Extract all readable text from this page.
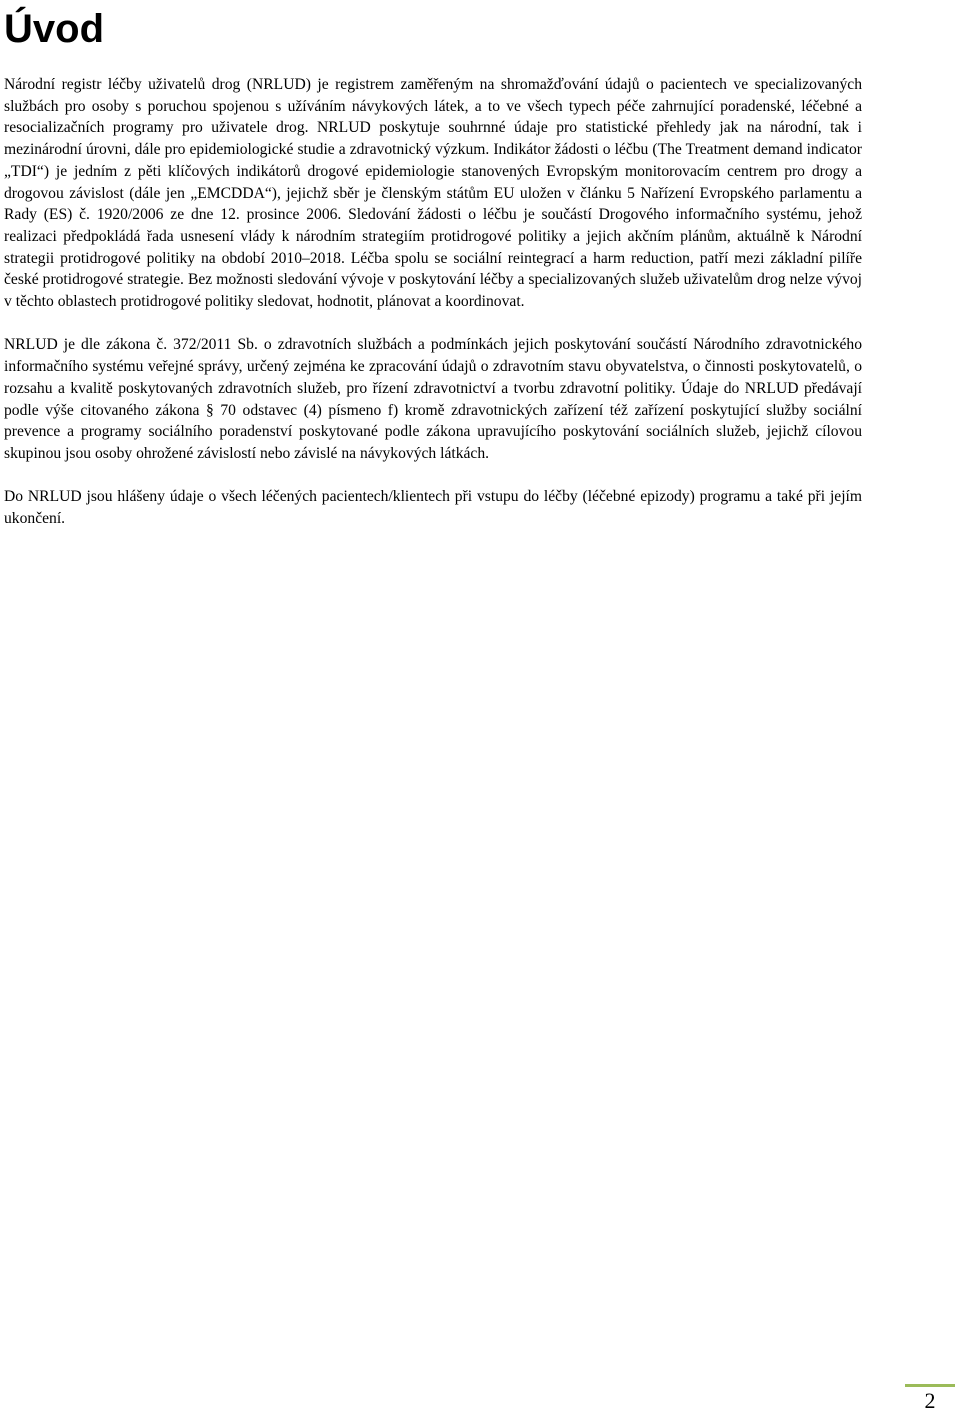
Úvod

Národní registr léčby uživatelů drog (NRLUD) je registrem zaměřeným na shromažďování údajů o pacientech ve specializovaných službách pro osoby s poruchou spojenou s užíváním návykových látek, a to ve všech typech péče zahrnující poradenské, léčebné a resocializačních programy pro uživatele drog. NRLUD poskytuje souhrnné údaje pro statistické přehledy jak na národní, tak i mezinárodní úrovni, dále pro epidemiologické studie a zdravotnický výzkum. Indikátor žádosti o léčbu (The Treatment demand indicator „TDI“) je jedním z pěti klíčových indikátorů drogové epidemiologie stanovených Evropským monitorovacím centrem pro drogy a drogovou závislost (dále jen „EMCDDA“), jejichž sběr je členským státům EU uložen v článku 5 Nařízení Evropského parlamentu a Rady (ES) č. 1920/2006 ze dne 12. prosince 2006. Sledování žádosti o léčbu je součástí Drogového informačního systému, jehož realizaci předpokládá řada usnesení vlády k národním strategiím protidrogové politiky a jejich akčním plánům, aktuálně k Národní strategii protidrogové politiky na období 2010–2018. Léčba spolu se sociální reintegrací a harm reduction, patří mezi základní pilíře české protidrogové strategie. Bez možnosti sledování vývoje v poskytování léčby a specializovaných služeb uživatelům drog nelze vývoj v těchto oblastech protidrogové politiky sledovat, hodnotit, plánovat a koordinovat.

NRLUD je dle zákona č. 372/2011 Sb. o zdravotních službách a podmínkách jejich poskytování součástí Národního zdravotnického informačního systému veřejné správy, určený zejména ke zpracování údajů o zdravotním stavu obyvatelstva, o činnosti poskytovatelů, o rozsahu a kvalitě poskytovaných zdravotních služeb, pro řízení zdravotnictví a tvorbu zdravotní politiky. Údaje do NRLUD předávají podle výše citovaného zákona § 70 odstavec (4) písmeno f) kromě zdravotnických zařízení též zařízení poskytující služby sociální prevence a programy sociálního poradenství poskytované podle zákona upravujícího poskytování sociálních služeb, jejichž cílovou skupinou jsou osoby ohrožené závislostí nebo závislé na návykových látkách.

Do NRLUD jsou hlášeny údaje o všech léčených pacientech/klientech při vstupu do léčby (léčebné epizody) programu a také při jejím ukončení.

2
